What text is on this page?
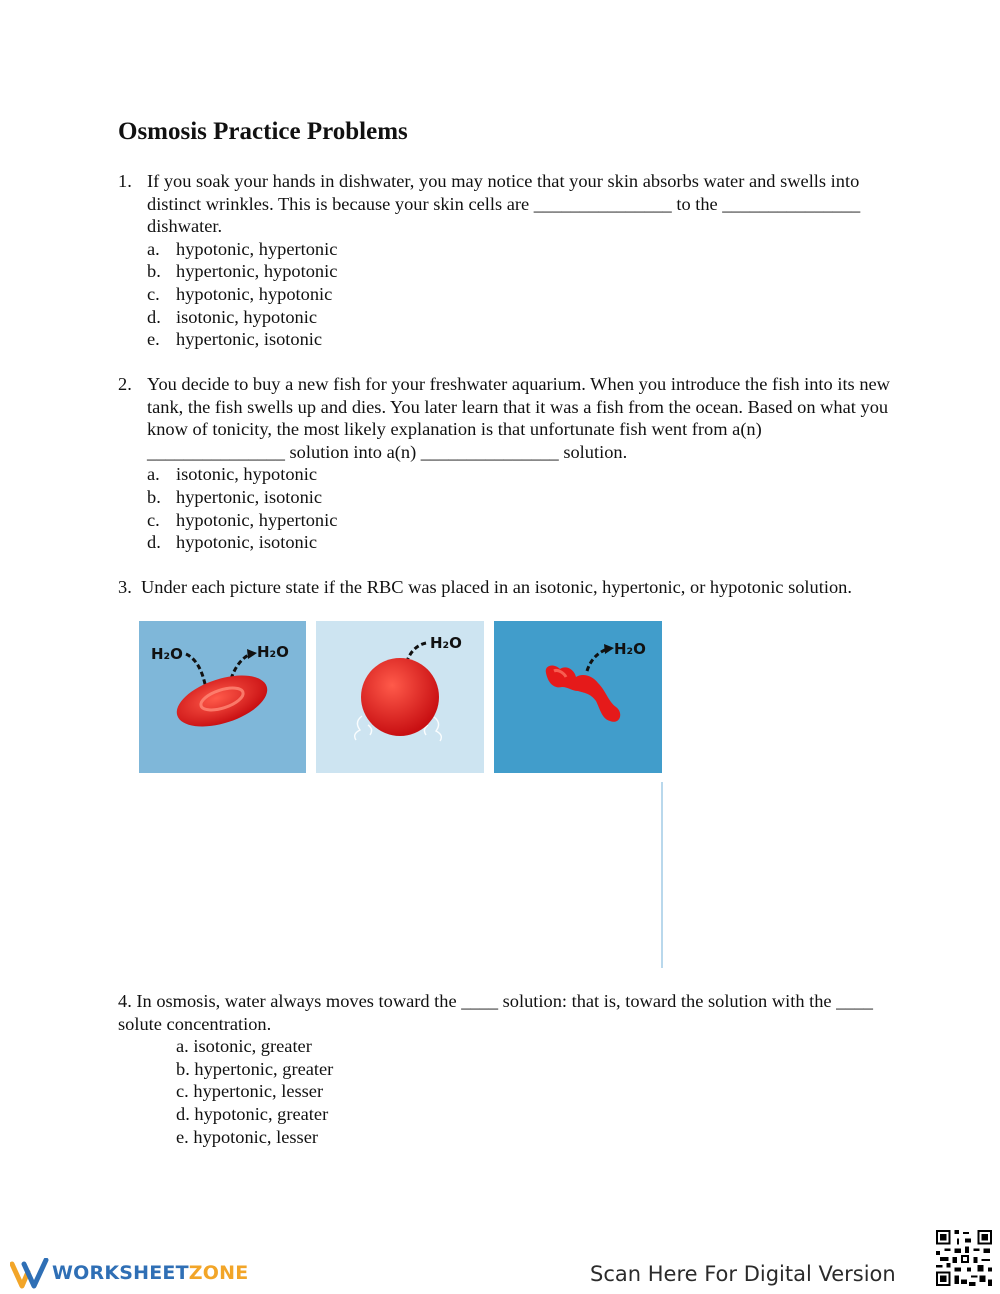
Osmosis Practice Problems
1. If you soak your hands in dishwater, you may notice that your skin absorbs water and swells into distinct wrinkles. This is because your skin cells are _______________ to the _______________ dishwater.
a. hypotonic, hypertonic
b. hypertonic, hypotonic
c. hypotonic, hypotonic
d. isotonic, hypotonic
e. hypertonic, isotonic
2. You decide to buy a new fish for your freshwater aquarium. When you introduce the fish into its new tank, the fish swells up and dies. You later learn that it was a fish from the ocean. Based on what you know of tonicity, the most likely explanation is that unfortunate fish went from a(n) _______________ solution into a(n) _______________ solution.
a. isotonic, hypotonic
b. hypertonic, isotonic
c. hypotonic, hypertonic
d. hypotonic, isotonic
3. Under each picture state if the RBC was placed in an isotonic, hypertonic, or hypotonic solution.
H₂O	H₂O	H₂O	H₂O
4. In osmosis, water always moves toward the ____ solution: that is, toward the solution with the ____ solute concentration.
a. isotonic, greater
b. hypertonic, greater
c. hypertonic, lesser
d. hypotonic, greater
e. hypotonic, lesser
WORKSHEETZONE	Scan Here For Digital Version
